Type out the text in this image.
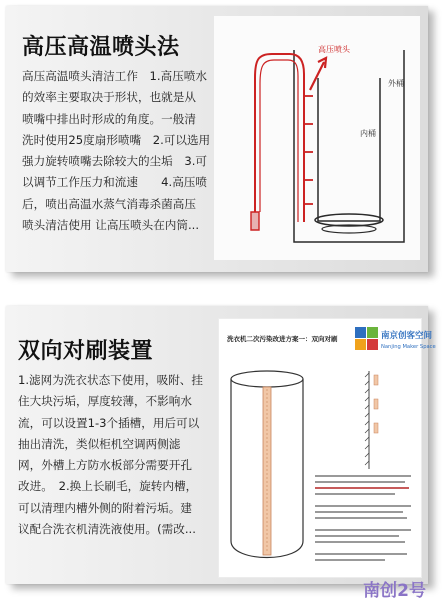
高压高温喷头法
高压高温喷头清洁工作　1.高压喷水
的效率主要取决于形状，也就是从
喷嘴中排出时形成的角度。一般清
洗时使用25度扇形喷嘴　2.可以选用
强力旋转喷嘴去除较大的尘垢　3.可
以调节工作压力和流速　　4.高压喷
后，喷出高温水蒸气消毒杀菌高压
喷头清洁使用 让高压喷头在内筒...
高压喷头
外桶
内桶
双向对刷装置
1.滤网为洗衣状态下使用，吸附、挂
住大块污垢，厚度较薄，不影响水
流，可以设置1-3个插槽，用后可以
抽出清洗，类似柜机空调两侧滤
网，外槽上方防水板部分需要开孔
改进。　2.换上长刷毛，旋转内槽，
可以清理内槽外侧的附着污垢。建
议配合洗衣机清洗液使用。(需改...
洗衣机二次污染改进方案一：双向对刷	南京创客空间
Nanjing Maker Space

南创2号
